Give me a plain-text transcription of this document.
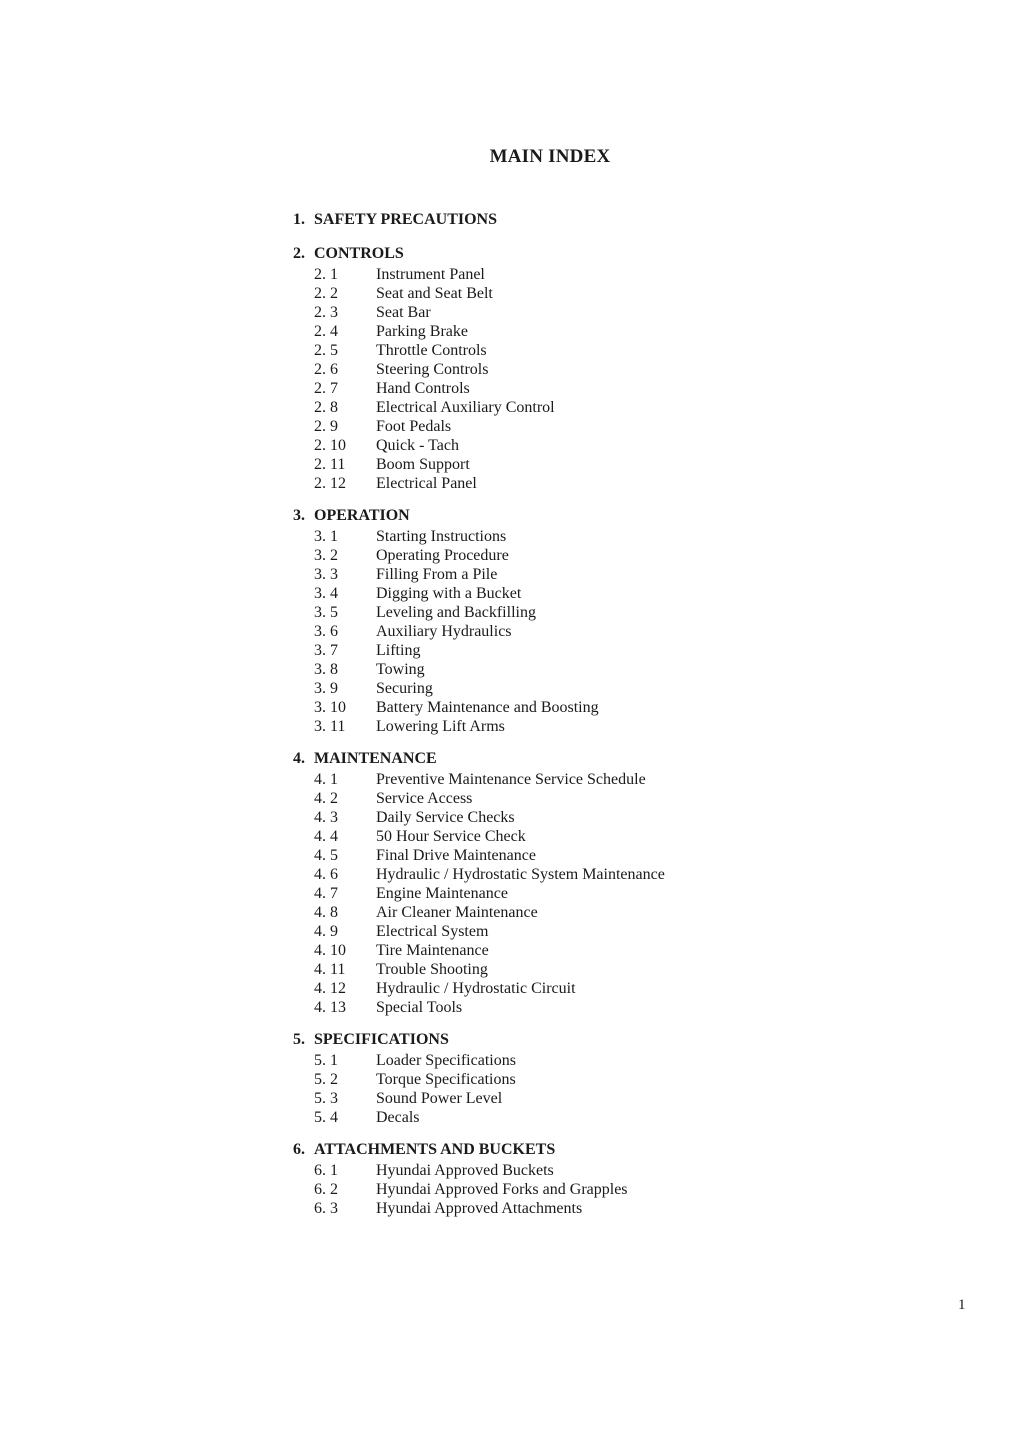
MAIN INDEX
1. SAFETY PRECAUTIONS
2. CONTROLS
2. 1 Instrument Panel
2. 2 Seat and Seat Belt
2. 3 Seat Bar
2. 4 Parking Brake
2. 5 Throttle Controls
2. 6 Steering Controls
2. 7 Hand Controls
2. 8 Electrical Auxiliary Control
2. 9 Foot Pedals
2. 10 Quick - Tach
2. 11 Boom Support
2. 12 Electrical Panel
3. OPERATION
3. 1 Starting Instructions
3. 2 Operating Procedure
3. 3 Filling From a Pile
3. 4 Digging with a Bucket
3. 5 Leveling and Backfilling
3. 6 Auxiliary Hydraulics
3. 7 Lifting
3. 8 Towing
3. 9 Securing
3. 10 Battery Maintenance and Boosting
3. 11 Lowering Lift Arms
4. MAINTENANCE
4. 1 Preventive Maintenance Service Schedule
4. 2 Service Access
4. 3 Daily Service Checks
4. 4 50 Hour Service Check
4. 5 Final Drive Maintenance
4. 6 Hydraulic / Hydrostatic System Maintenance
4. 7 Engine Maintenance
4. 8 Air Cleaner Maintenance
4. 9 Electrical System
4. 10 Tire Maintenance
4. 11 Trouble Shooting
4. 12 Hydraulic / Hydrostatic Circuit
4. 13 Special Tools
5. SPECIFICATIONS
5. 1 Loader Specifications
5. 2 Torque Specifications
5. 3 Sound Power Level
5. 4 Decals
6. ATTACHMENTS AND BUCKETS
6. 1 Hyundai Approved Buckets
6. 2 Hyundai Approved Forks and Grapples
6. 3 Hyundai Approved Attachments
1
